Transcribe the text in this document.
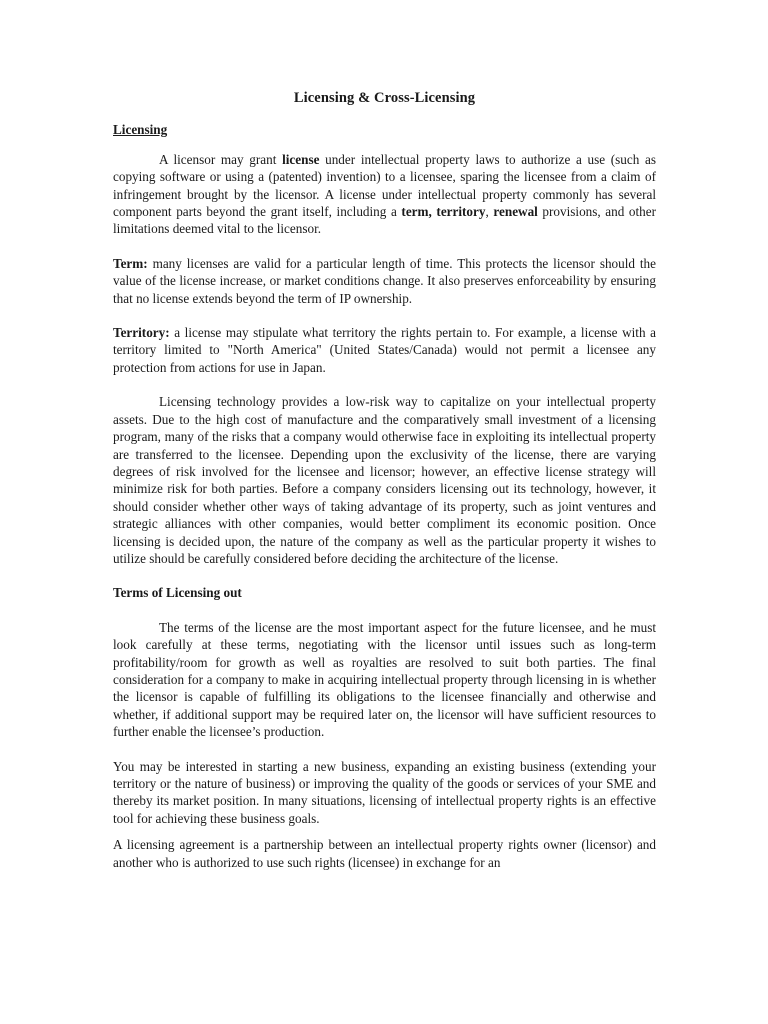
Licensing & Cross-Licensing
Licensing

A licensor may grant license under intellectual property laws to authorize a use (such as copying software or using a (patented) invention) to a licensee, sparing the licensee from a claim of infringement brought by the licensor. A license under intellectual property commonly has several component parts beyond the grant itself, including a term, territory, renewal provisions, and other limitations deemed vital to the licensor.

Term: many licenses are valid for a particular length of time. This protects the licensor should the value of the license increase, or market conditions change. It also preserves enforceability by ensuring that no license extends beyond the term of IP ownership.

Territory: a license may stipulate what territory the rights pertain to. For example, a license with a territory limited to "North America" (United States/Canada) would not permit a licensee any protection from actions for use in Japan.

Licensing technology provides a low-risk way to capitalize on your intellectual property assets. Due to the high cost of manufacture and the comparatively small investment of a licensing program, many of the risks that a company would otherwise face in exploiting its intellectual property are transferred to the licensee. Depending upon the exclusivity of the license, there are varying degrees of risk involved for the licensee and licensor; however, an effective license strategy will minimize risk for both parties. Before a company considers licensing out its technology, however, it should consider whether other ways of taking advantage of its property, such as joint ventures and strategic alliances with other companies, would better compliment its economic position. Once licensing is decided upon, the nature of the company as well as the particular property it wishes to utilize should be carefully considered before deciding the architecture of the license.

Terms of Licensing out

The terms of the license are the most important aspect for the future licensee, and he must look carefully at these terms, negotiating with the licensor until issues such as long-term profitability/room for growth as well as royalties are resolved to suit both parties. The final consideration for a company to make in acquiring intellectual property through licensing in is whether the licensor is capable of fulfilling its obligations to the licensee financially and otherwise and whether, if additional support may be required later on, the licensor will have sufficient resources to further enable the licensee’s production.

You may be interested in starting a new business, expanding an existing business (extending your territory or the nature of business) or improving the quality of the goods or services of your SME and thereby its market position. In many situations, licensing of intellectual property rights is an effective tool for achieving these business goals.

A licensing agreement is a partnership between an intellectual property rights owner (licensor) and another who is authorized to use such rights (licensee) in exchange for an
